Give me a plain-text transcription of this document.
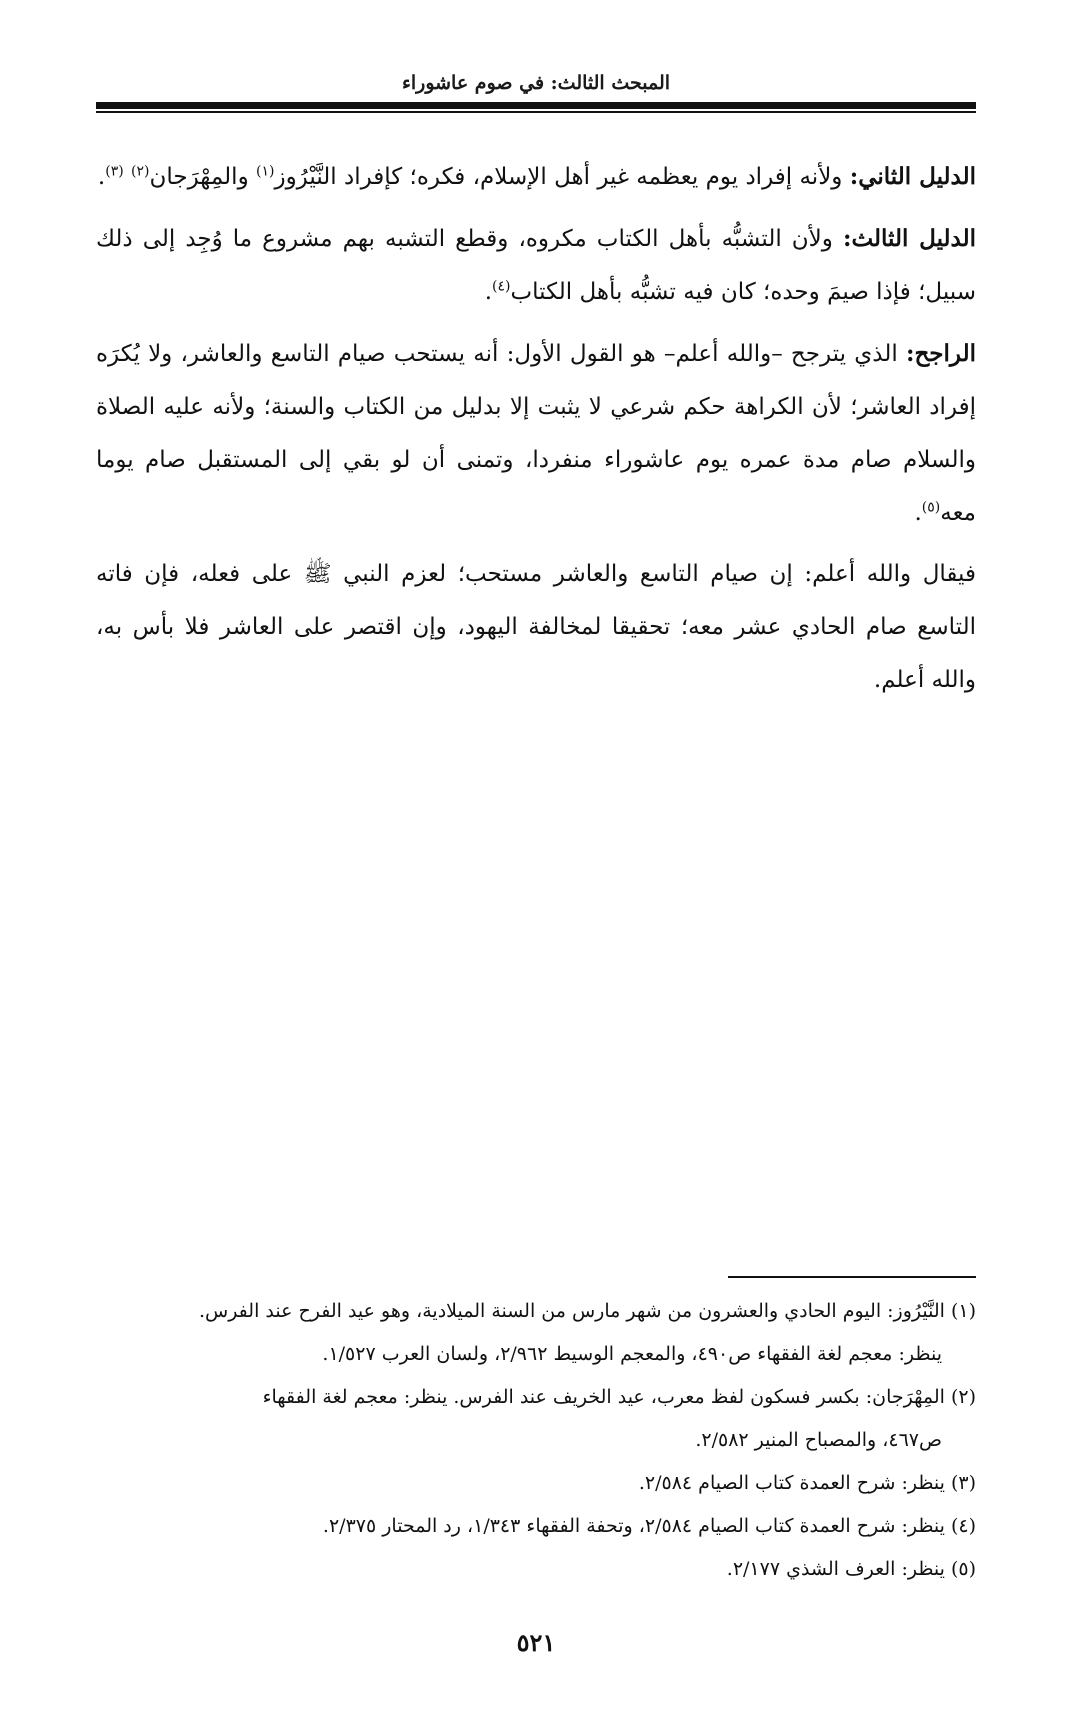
المبحث الثالث: في صوم عاشوراء

الدليل الثاني: ولأنه إفراد يوم يعظمه غير أهل الإسلام، فكره؛ كإفراد النَّيْرُوز$^{(١)}$ والمِهْرَجان$^{(٢)}$ $^{(٣)}$.

الدليل الثالث: ولأن التشبُّه بأهل الكتاب مكروه، وقطع التشبه بهم مشروع ما وُجِد إلى ذلك سبيل؛ فإذا صيمَ وحده؛ كان فيه تشبُّه بأهل الكتاب$^{(٤)}$.

الراجح: الذي يترجح –والله أعلم– هو القول الأول: أنه يستحب صيام التاسع والعاشر، ولا يُكرَه إفراد العاشر؛ لأن الكراهة حكم شرعي لا يثبت إلا بدليل من الكتاب والسنة؛ ولأنه عليه الصلاة والسلام صام مدة عمره يوم عاشوراء منفردا، وتمنى أن لو بقي إلى المستقبل صام يوما معه$^{(٥)}$.

فيقال والله أعلم: إن صيام التاسع والعاشر مستحب؛ لعزم النبي ﷺ على فعله، فإن فاته التاسع صام الحادي عشر معه؛ تحقيقا لمخالفة اليهود، وإن اقتصر على العاشر فلا بأس به، والله أعلم.

(١)النَّيْرُوز: اليوم الحادي والعشرون من شهر مارس من السنة الميلادية، وهو عيد الفرح عند الفرس.

ينظر: معجم لغة الفقهاء ص٤٩٠، والمعجم الوسيط ٢/٩٦٢، ولسان العرب ١/٥٢٧.

(٢)المِهْرَجان: بكسر فسكون لفظ معرب، عيد الخريف عند الفرس. ينظر: معجم لغة الفقهاء

ص٤٦٧، والمصباح المنير ٢/٥٨٢.

(٣)ينظر: شرح العمدة كتاب الصيام ٢/٥٨٤.

(٤)ينظر: شرح العمدة كتاب الصيام ٢/٥٨٤، وتحفة الفقهاء ١/٣٤٣، رد المحتار ٢/٣٧٥.

(٥)ينظر: العرف الشذي ٢/١٧٧.

٥٢١
